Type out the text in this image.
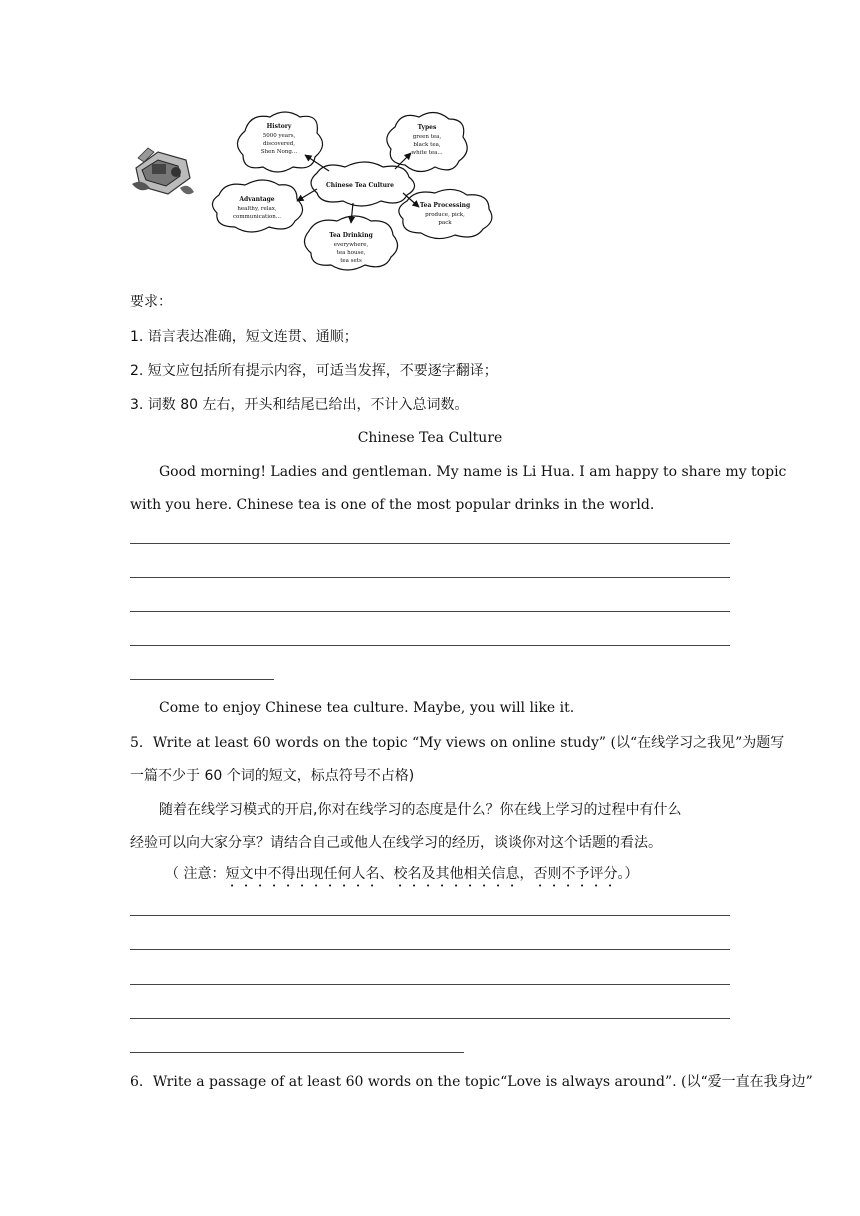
Chinese Tea Culture
History
5000 years,
discovered,
Shen Nong...
Types
green tea,
black tea,
white tea...
Advantage
healthy, relax,
communication...
Tea Processing
produce, pick,
pack
Tea Drinking
everywhere,
tea house,
tea sets
要求：
1. 语言表达准确，短文连贯、通顺；
2. 短文应包括所有提示内容，可适当发挥，不要逐字翻译；
3. 词数 80 左右，开头和结尾已给出，不计入总词数。
Chinese Tea Culture
Good morning! Ladies and gentleman. My name is Li Hua. I am happy to share my topic
with you here. Chinese tea is one of the most popular drinks in the world.
Come to enjoy Chinese tea culture. Maybe, you will like it.
5．Write at least 60 words on the topic “My views on online study” (以“在线学习之我见”为题写
一篇不少于 60 个词的短文，标点符号不占格)
随着在线学习模式的开启,你对在线学习的态度是什么？你在线上学习的过程中有什么
经验可以向大家分享？请结合自己或他人在线学习的经历，谈谈你对这个话题的看法。
（ 注意：短文中不得出现任何人名、校名及其他相关信息，否则不予评分。）
6．Write a passage of at least 60 words on the topic“Love is always around”. (以“爱一直在我身边”
